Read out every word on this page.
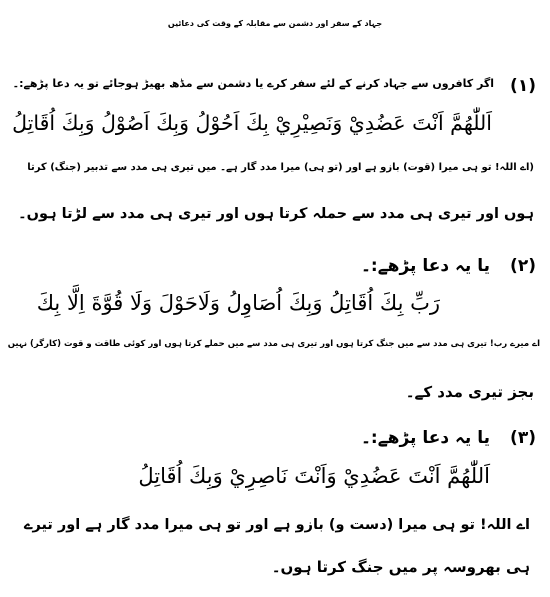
جہاد کے سفر اور دشمن سے مقابلہ کے وقت کی دعائیں
(۱)
اگر کافروں سے جہاد کرنے کے لئے سفر کرے یا دشمن سے مڈھ بھیڑ ہوجائے تو یہ دعا پڑھے:۔
اَللّٰهُمَّ اَنْتَ عَضُدِيْ وَنَصِيْرِيْ بِكَ اَحُوْلُ وَبِكَ اَصُوْلُ وَبِكَ اُقَاتِلُ
(اے اللہ! تو ہی میرا (قوت) بازو ہے اور (تو ہی) میرا مدد گار ہے۔ میں تیری ہی مدد سے تدبیر (جنگ) کرتا
ہوں اور تیری ہی مدد سے حملہ کرتا ہوں اور تیری ہی مدد سے لڑتا ہوں۔
(۲)
یا یہ دعا پڑھے:۔
رَبِّ بِكَ اُقَاتِلُ وَبِكَ اُصَاوِلُ وَلَاحَوْلَ وَلَا قُوَّةَ اِلَّا بِكَ
اے میرے رب! تیری ہی مدد سے میں جنگ کرتا ہوں اور تیری ہی مدد سے میں حملے کرتا ہوں اور کوئی طاقت و قوت (کارگر) نہیں
بجز تیری مدد کے۔
(۳)
یا یہ دعا پڑھے:۔
اَللّٰهُمَّ اَنْتَ عَضُدِيْ وَاَنْتَ نَاصِرِيْ وَبِكَ اُقَاتِلُ
اے اللہ! تو ہی میرا (دست و) بازو ہے اور تو ہی میرا مدد گار ہے اور تیرے
ہی بھروسہ پر میں جنگ کرتا ہوں۔
